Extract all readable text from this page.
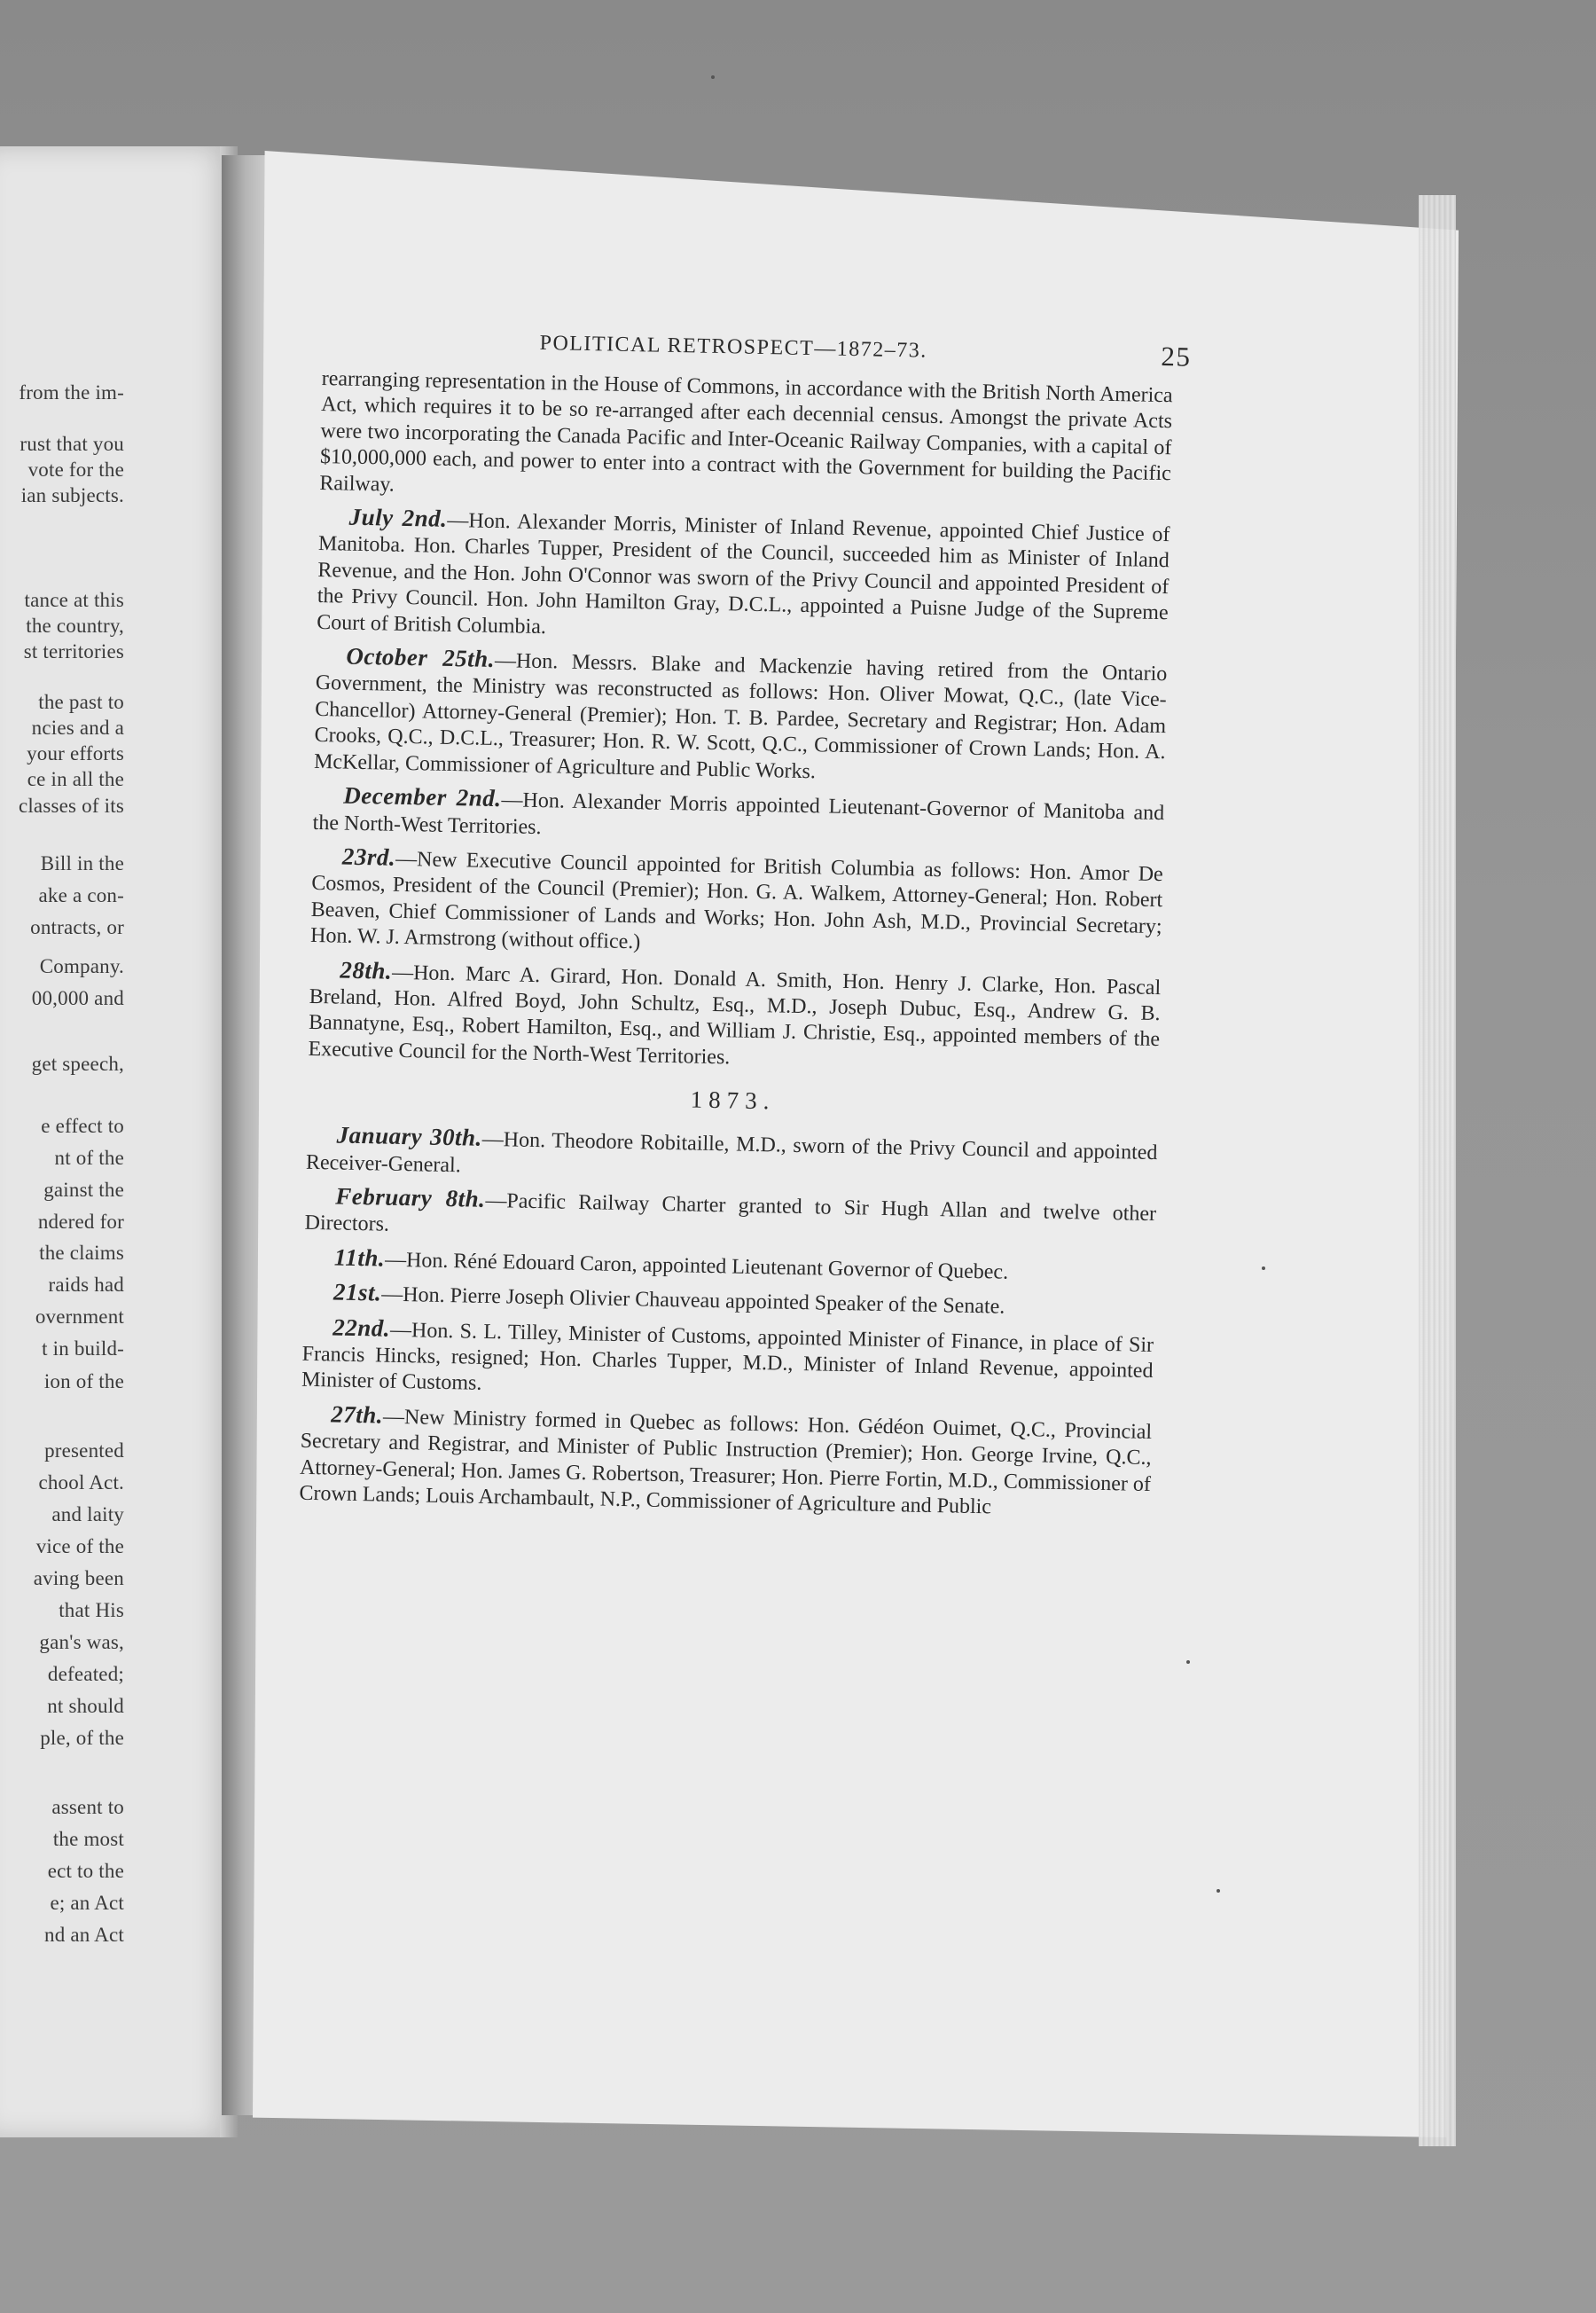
from the im-
rust that you
vote for the
ian subjects.
tance at this
the country,
st territories
the past to
ncies and a
your efforts
ce in all the
classes of its
Bill in the
ake a con-
ontracts, or
Company.
00,000 and
get speech,
e effect to
nt of the
gainst the
ndered for
the claims
raids had
overnment
t in build-
ion of the
presented
chool Act.
and laity
vice of the
aving been
that His
gan's was,
defeated;
nt should
ple, of the
assent to
the most
ect to the
e; an Act
nd an Act
POLITICAL RETROSPECT—1872–73.	25

rearranging representation in the House of Commons, in accordance with the British North America Act, which requires it to be so re-arranged after each decennial census. Amongst the private Acts were two incorporating the Canada Pacific and Inter-Oceanic Railway Companies, with a capital of $10,000,000 each, and power to enter into a contract with the Government for building the Pacific Railway.

July 2nd.—Hon. Alexander Morris, Minister of Inland Revenue, appointed Chief Justice of Manitoba. Hon. Charles Tupper, President of the Council, succeeded him as Minister of Inland Revenue, and the Hon. John O'Connor was sworn of the Privy Council and appointed President of the Privy Council. Hon. John Hamilton Gray, D.C.L., appointed a Puisne Judge of the Supreme Court of British Columbia.

October 25th.—Hon. Messrs. Blake and Mackenzie having retired from the Ontario Government, the Ministry was reconstructed as follows: Hon. Oliver Mowat, Q.C., (late Vice-Chancellor) Attorney-General (Premier); Hon. T. B. Pardee, Secretary and Registrar; Hon. Adam Crooks, Q.C., D.C.L., Treasurer; Hon. R. W. Scott, Q.C., Commissioner of Crown Lands; Hon. A. McKellar, Commissioner of Agriculture and Public Works.

December 2nd.—Hon. Alexander Morris appointed Lieutenant-Governor of Manitoba and the North-West Territories.

23rd.—New Executive Council appointed for British Columbia as follows: Hon. Amor De Cosmos, President of the Council (Premier); Hon. G. A. Walkem, Attorney-General; Hon. Robert Beaven, Chief Commissioner of Lands and Works; Hon. John Ash, M.D., Provincial Secretary; Hon. W. J. Armstrong (without office.)

28th.—Hon. Marc A. Girard, Hon. Donald A. Smith, Hon. Henry J. Clarke, Hon. Pascal Breland, Hon. Alfred Boyd, John Schultz, Esq., M.D., Joseph Dubuc, Esq., Andrew G. B. Bannatyne, Esq., Robert Hamilton, Esq., and William J. Christie, Esq., appointed members of the Executive Council for the North-West Territories.

1873.

January 30th.—Hon. Theodore Robitaille, M.D., sworn of the Privy Council and appointed Receiver-General.

February 8th.—Pacific Railway Charter granted to Sir Hugh Allan and twelve other Directors.

11th.—Hon. Réné Edouard Caron, appointed Lieutenant Governor of Quebec.

21st.—Hon. Pierre Joseph Olivier Chauveau appointed Speaker of the Senate.

22nd.—Hon. S. L. Tilley, Minister of Customs, appointed Minister of Finance, in place of Sir Francis Hincks, resigned; Hon. Charles Tupper, M.D., Minister of Inland Revenue, appointed Minister of Customs.

27th.—New Ministry formed in Quebec as follows: Hon. Gédéon Ouimet, Q.C., Provincial Secretary and Registrar, and Minister of Public Instruction (Premier); Hon. George Irvine, Q.C., Attorney-General; Hon. James G. Robertson, Treasurer; Hon. Pierre Fortin, M.D., Commissioner of Crown Lands; Louis Archambault, N.P., Commissioner of Agriculture and Public
